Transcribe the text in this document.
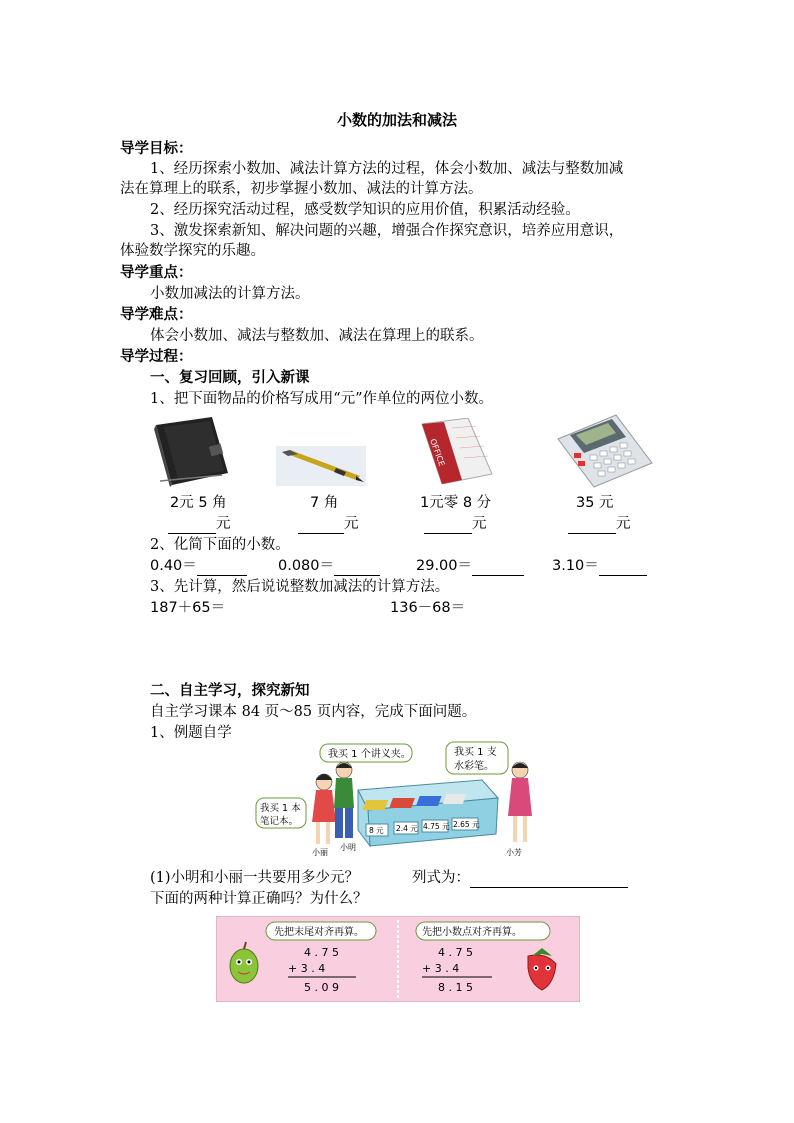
小数的加法和减法
导学目标：
1、经历探索小数加、减法计算方法的过程，体会小数加、减法与整数加减
法在算理上的联系，初步掌握小数加、减法的计算方法。
2、经历探究活动过程，感受数学知识的应用价值，积累活动经验。
3、激发探索新知、解决问题的兴趣，增强合作探究意识，培养应用意识，
体验数学探究的乐趣。
导学重点：
小数加减法的计算方法。
导学难点：
体会小数加、减法与整数加、减法在算理上的联系。
导学过程：
一、复习回顾，引入新课
1、把下面物品的价格写成用“元”作单位的两位小数。
OFFICE
2元 5 角	7 角	1元零 8 分	35 元
元	元	元	元
2、化简下面的小数。
0.40＝	0.080＝	29.00＝	3.10＝
3、先计算，然后说说整数加减法的计算方法。
187＋65＝	136－68＝
二、自主学习，探究新知
自主学习课本 84 页～85 页内容，完成下面问题。
1、例题自学
我买 1 个讲义夹。	我买 1 支
水彩笔。
我买 1 本
笔记本。
8 元 2.4 元 4.75 元 2.65 元
小丽
小明
小芳
(1)小明和小丽一共要用多少元？	列式为：
下面的两种计算正确吗？为什么？
先把末尾对齐再算。
4 . 7 5
+ 3 . 4
5 . 0 9
先把小数点对齐再算。
4 . 7 5
+ 3 . 4
8 . 1 5
